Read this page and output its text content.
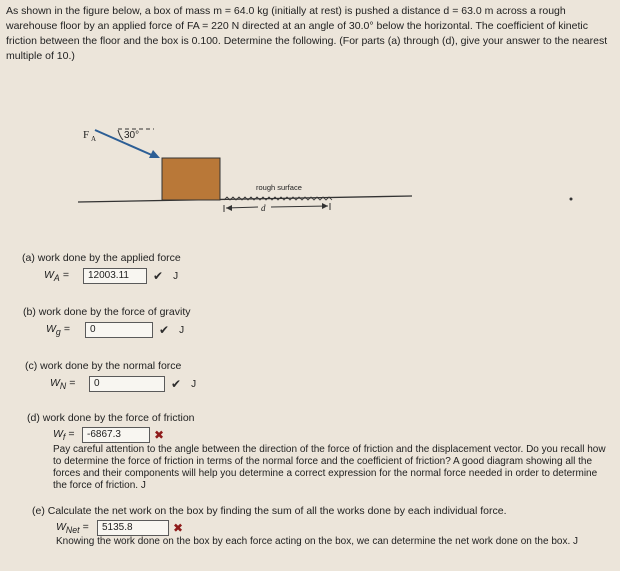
As shown in the figure below, a box of mass m = 64.0 kg (initially at rest) is pushed a distance d = 63.0 m across a rough warehouse floor by an applied force of FA = 220 N directed at an angle of 30.0° below the horizontal. The coefficient of kinetic friction between the floor and the box is 0.100. Determine the following. (For parts (a) through (d), give your answer to the nearest multiple of 10.)
F A	30°
rough surface
d
(a) work done by the applied force
$W_A$ =	12003.11	✔ J
(b) work done by the force of gravity
$W_g$ =	0	✔ J
(c) work done by the normal force
$W_N$ =	0	✔ J
(d) work done by the force of friction
$W_f$ =	-6867.3	✖
Pay careful attention to the angle between the direction of the force of friction and the displacement vector. Do you recall how to determine the force of friction in terms of the normal force and the coefficient of friction? A good diagram showing all the forces and their components will help you determine a correct expression for the normal force needed in order to determine the force of friction. J
(e) Calculate the net work on the box by finding the sum of all the works done by each individual force.
$W_{Net}$ =	5135.8	✖
Knowing the work done on the box by each force acting on the box, we can determine the net work done on the box. J
